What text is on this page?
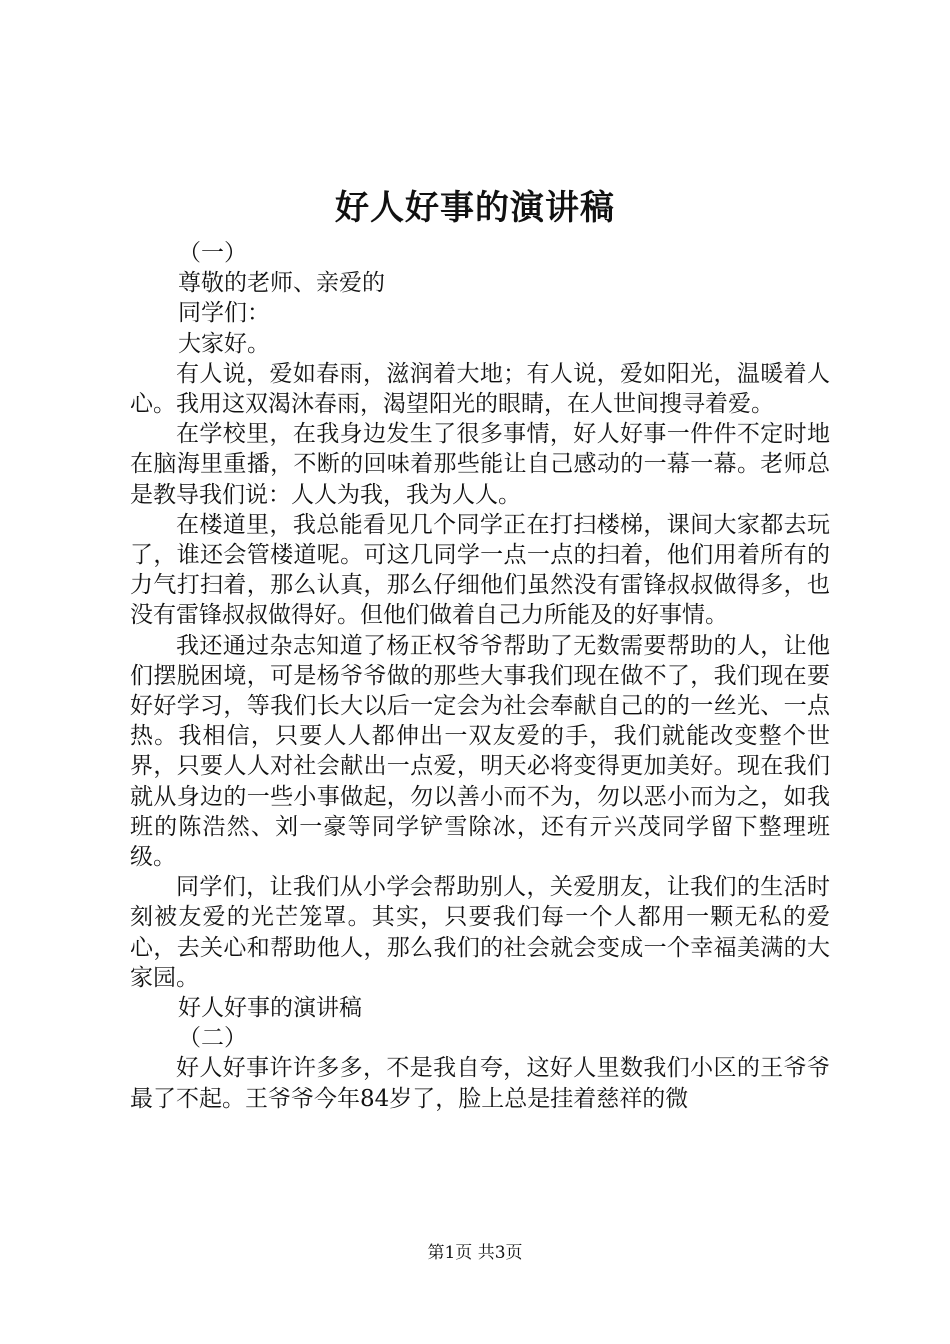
好人好事的演讲稿

（一）

尊敬的老师、亲爱的

同学们：

大家好。

有人说，爱如春雨，滋润着大地；有人说，爱如阳光，温暖着人心。我用这双渴沐春雨，渴望阳光的眼睛，在人世间搜寻着爱。

在学校里，在我身边发生了很多事情，好人好事一件件不定时地在脑海里重播，不断的回味着那些能让自己感动的一幕一幕。老师总是教导我们说：人人为我，我为人人。

在楼道里，我总能看见几个同学正在打扫楼梯，课间大家都去玩了，谁还会管楼道呢。可这几同学一点一点的扫着，他们用着所有的力气打扫着，那么认真，那么仔细他们虽然没有雷锋叔叔做得多，也没有雷锋叔叔做得好。但他们做着自己力所能及的好事情。

我还通过杂志知道了杨正权爷爷帮助了无数需要帮助的人，让他们摆脱困境，可是杨爷爷做的那些大事我们现在做不了，我们现在要好好学习，等我们长大以后一定会为社会奉献自己的的一丝光、一点热。我相信，只要人人都伸出一双友爱的手，我们就能改变整个世界，只要人人对社会献出一点爱，明天必将变得更加美好。现在我们就从身边的一些小事做起，勿以善小而不为，勿以恶小而为之，如我班的陈浩然、刘一豪等同学铲雪除冰，还有亓兴茂同学留下整理班级。

同学们，让我们从小学会帮助别人，关爱朋友，让我们的生活时刻被友爱的光芒笼罩。其实，只要我们每一个人都用一颗无私的爱心，去关心和帮助他人，那么我们的社会就会变成一个幸福美满的大家园。

好人好事的演讲稿

（二）

好人好事许许多多，不是我自夸，这好人里数我们小区的王爷爷最了不起。王爷爷今年84岁了，脸上总是挂着慈祥的微

第1页 共3页
